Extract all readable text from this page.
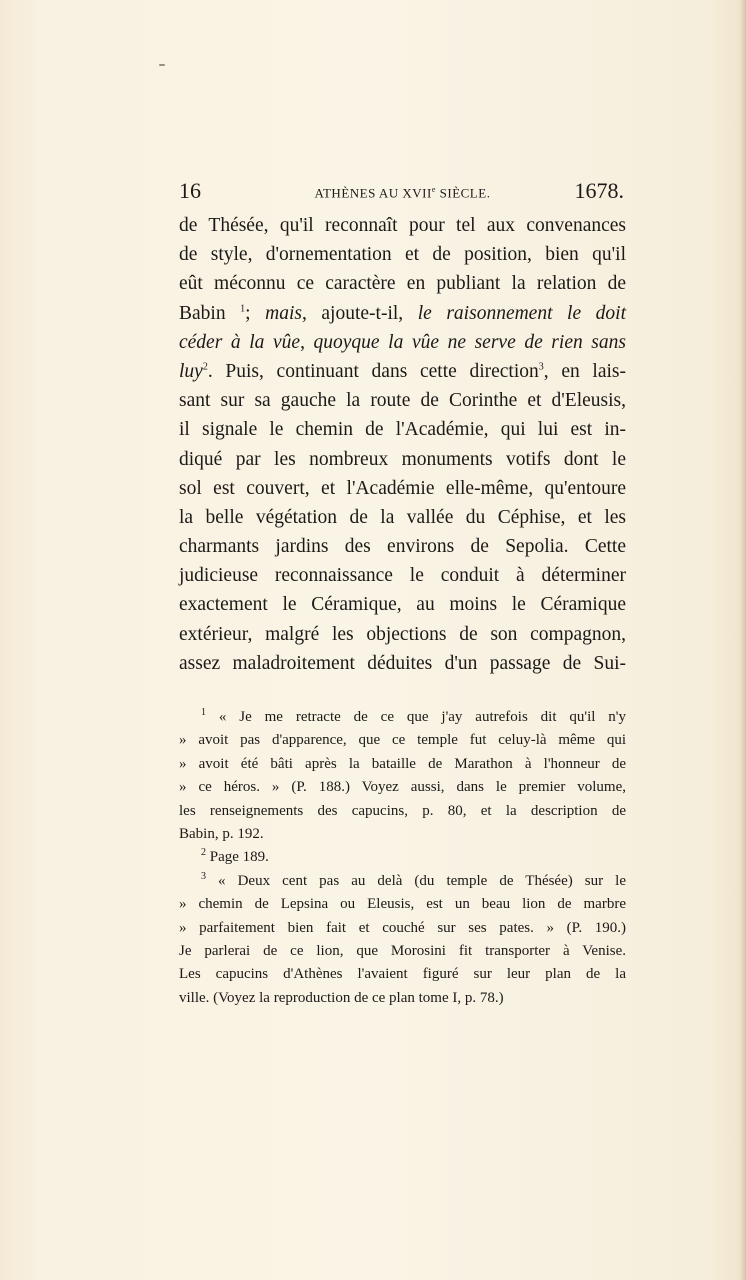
16	ATHÈNES AU XVIIe SIÈCLE.	1678.
de Thésée, qu'il reconnaît pour tel aux convenances
de style, d'ornementation et de position, bien qu'il
eût méconnu ce caractère en publiant la relation de
Babin $^1$; mais, ajoute-t-il, le raisonnement le doit
céder à la vûe, quoyque la vûe ne serve de rien sans
luy$^2$. Puis, continuant dans cette direction$^3$, en lais-
sant sur sa gauche la route de Corinthe et d'Eleusis,
il signale le chemin de l'Académie, qui lui est in-
diqué par les nombreux monuments votifs dont le
sol est couvert, et l'Académie elle-même, qu'entoure
la belle végétation de la vallée du Céphise, et les
charmants jardins des environs de Sepolia. Cette
judicieuse reconnaissance le conduit à déterminer
exactement le Céramique, au moins le Céramique
extérieur, malgré les objections de son compagnon,
assez maladroitement déduites d'un passage de Sui-
$^1$ « Je me retracte de ce que j'ay autrefois dit qu'il n'y
» avoit pas d'apparence, que ce temple fut celuy-là même qui
» avoit été bâti après la bataille de Marathon à l'honneur de
» ce héros. » (P. 188.) Voyez aussi, dans le premier volume,
les renseignements des capucins, p. 80, et la description de
Babin, p. 192.
$^2$ Page 189.
$^3$ « Deux cent pas au delà (du temple de Thésée) sur le
» chemin de Lepsina ou Eleusis, est un beau lion de marbre
» parfaitement bien fait et couché sur ses pates. » (P. 190.)
Je parlerai de ce lion, que Morosini fit transporter à Venise.
Les capucins d'Athènes l'avaient figuré sur leur plan de la
ville. (Voyez la reproduction de ce plan tome I, p. 78.)
